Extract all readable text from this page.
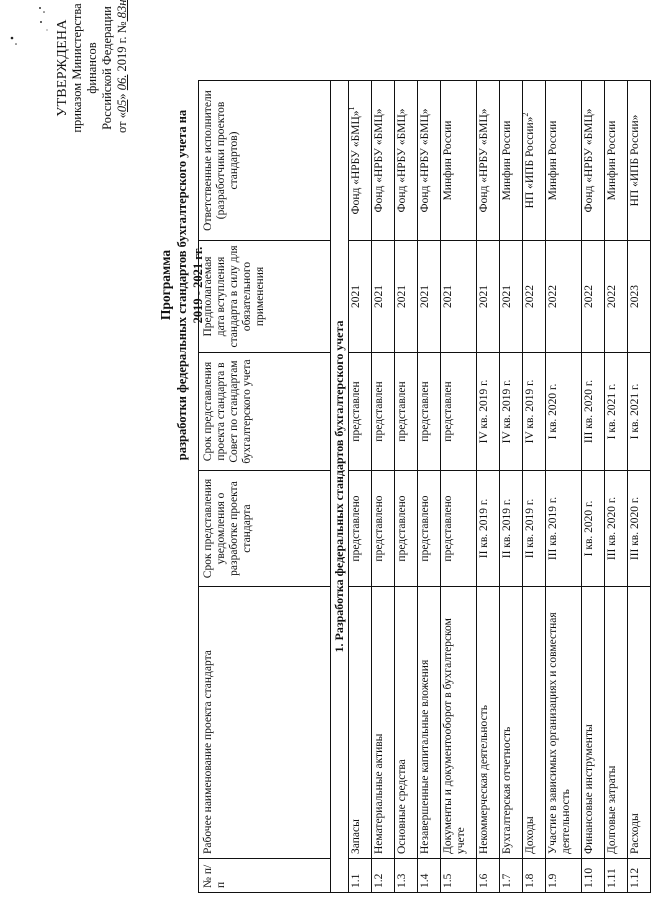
УТВЕРЖДЕНА приказом Министерства финансов Российской Федерации от «05» 06. 2019 г. № 83н
Программа разработки федеральных стандартов бухгалтерского учета на 2019 - 2021 гг.
№ п/п	Рабочее наименование проекта стандарта	Срок представления уведомления о разработке проекта стандарта	Срок представления проекта стандарта в Совет по стандартам бухгалтерского учета	Предполагаемая дата вступления стандарта в силу для обязательного применения	Ответственные исполнители (разработчики проектов стандартов)
1. Разработка федеральных стандартов бухгалтерского учета					
1.1	Запасы	представлено	представлен	2021	Фонд «НРБУ «БМЦ»$^1$
1.2	Нематериальные активы	представлено	представлен	2021	Фонд «НРБУ «БМЦ»
1.3	Основные средства	представлено	представлен	2021	Фонд «НРБУ «БМЦ»
1.4	Незавершенные капитальные вложения	представлено	представлен	2021	Фонд «НРБУ «БМЦ»
1.5	Документы и документооборот в бухгалтерском учете	представлено	представлен	2021	Минфин России
1.6	Некоммерческая деятельность	II кв. 2019 г.	IV кв. 2019 г.	2021	Фонд «НРБУ «БМЦ»
1.7	Бухгалтерская отчетность	II кв. 2019 г.	IV кв. 2019 г.	2021	Минфин России
1.8	Доходы	II кв. 2019 г.	IV кв. 2019 г.	2022	НП «ИПБ России»$^2$
1.9	Участие в зависимых организациях и совместная деятельность	III кв. 2019 г.	I кв. 2020 г.	2022	Минфин России
1.10	Финансовые инструменты	I кв. 2020 г.	III кв. 2020 г.	2022	Фонд «НРБУ «БМЦ»
1.11	Долговые затраты	III кв. 2020 г.	I кв. 2021 г.	2022	Минфин России
1.12	Расходы	III кв. 2020 г.	I кв. 2021 г.	2023	НП «ИПБ России»
